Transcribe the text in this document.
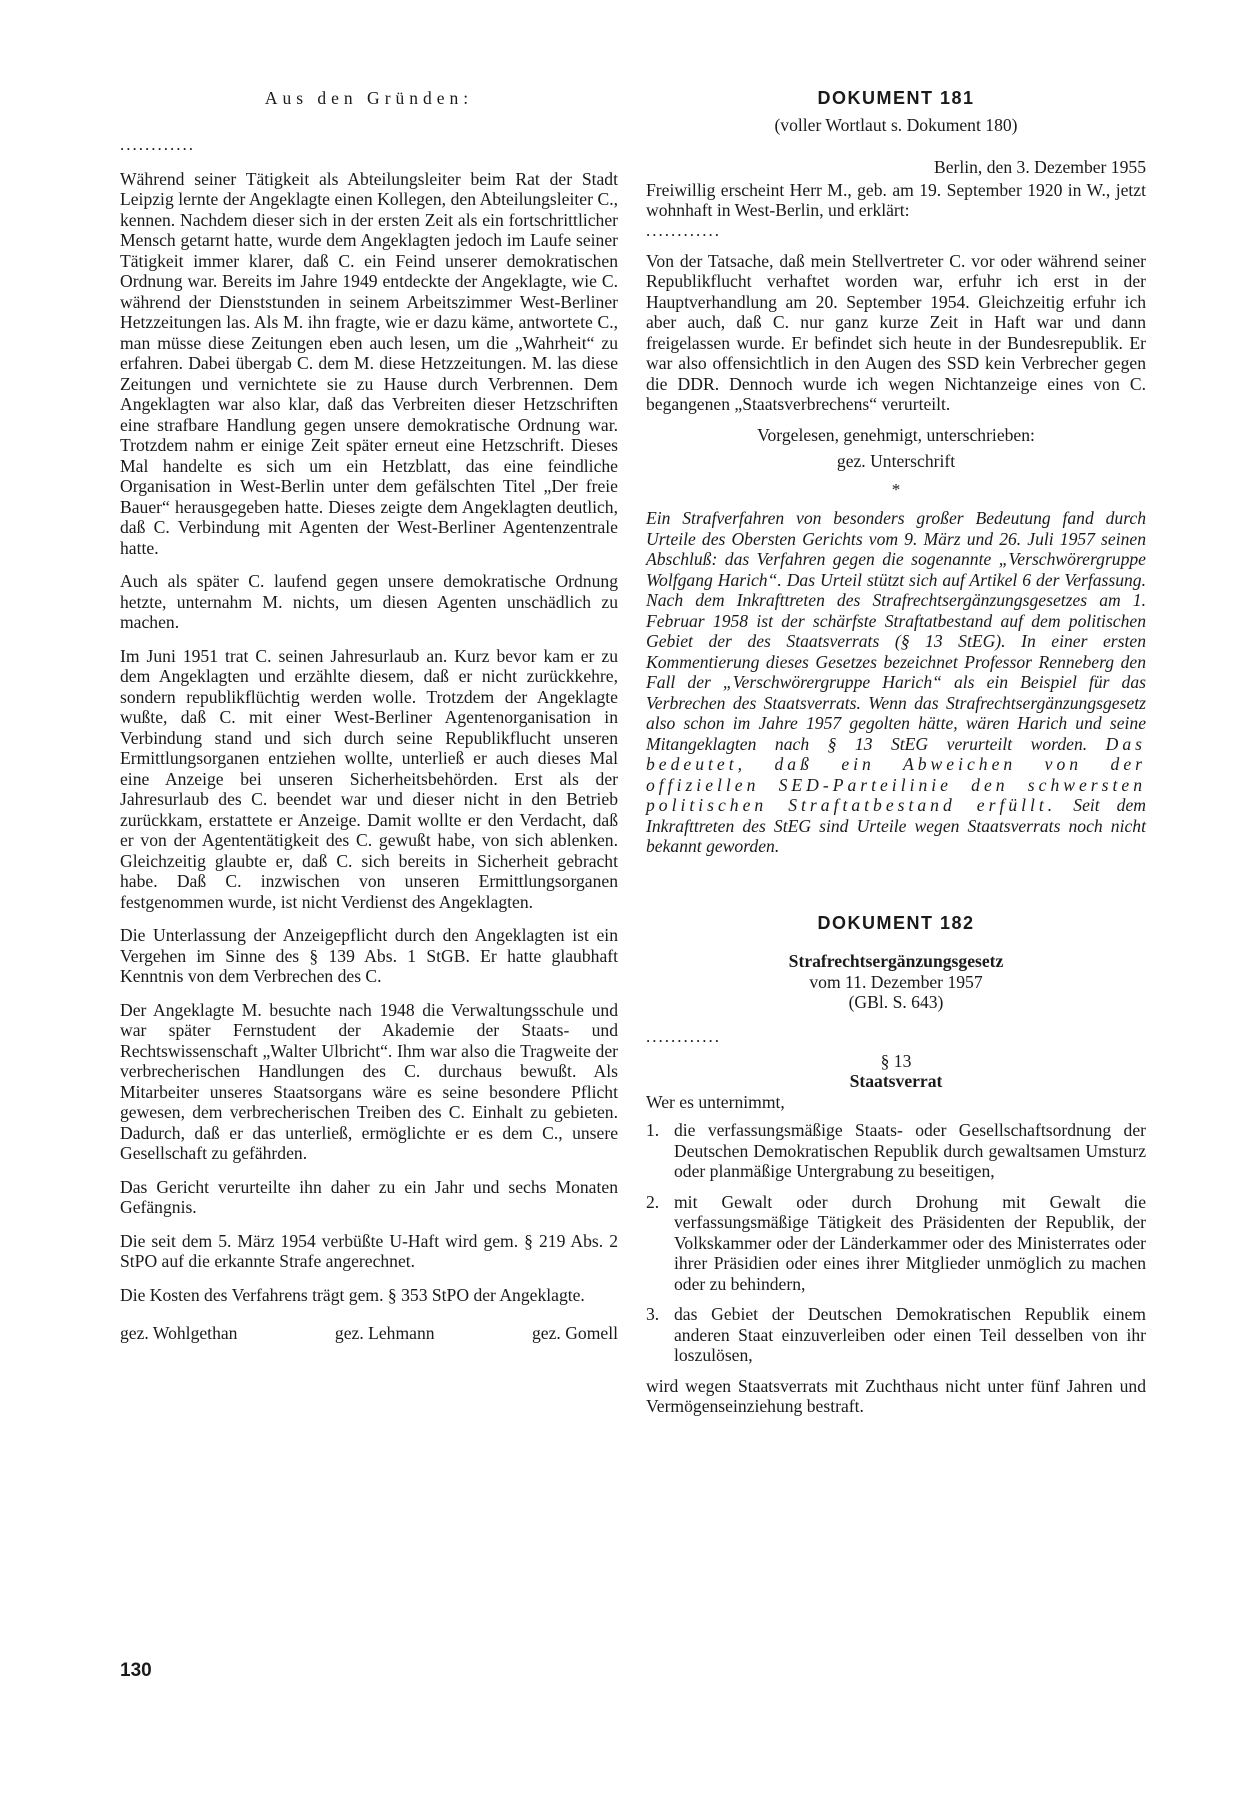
Aus den Gründen:

............

Während seiner Tätigkeit als Abteilungsleiter beim Rat der Stadt Leipzig lernte der Angeklagte einen Kollegen, den Abteilungsleiter C., kennen. Nachdem dieser sich in der ersten Zeit als ein fortschrittlicher Mensch getarnt hatte, wurde dem Angeklagten jedoch im Laufe seiner Tätigkeit immer klarer, daß C. ein Feind unserer demokratischen Ordnung war. Bereits im Jahre 1949 entdeckte der Angeklagte, wie C. während der Dienststunden in seinem Arbeitszimmer West-Berliner Hetzzeitungen las. Als M. ihn fragte, wie er dazu käme, antwortete C., man müsse diese Zeitungen eben auch lesen, um die „Wahrheit“ zu erfahren. Dabei übergab C. dem M. diese Hetzzeitungen. M. las diese Zeitungen und vernichtete sie zu Hause durch Verbrennen. Dem Angeklagten war also klar, daß das Verbreiten dieser Hetzschriften eine strafbare Handlung gegen unsere demokratische Ordnung war. Trotzdem nahm er einige Zeit später erneut eine Hetzschrift. Dieses Mal handelte es sich um ein Hetzblatt, das eine feindliche Organisation in West-Berlin unter dem gefälschten Titel „Der freie Bauer“ herausgegeben hatte. Dieses zeigte dem Angeklagten deutlich, daß C. Verbindung mit Agenten der West-Berliner Agentenzentrale hatte.

Auch als später C. laufend gegen unsere demokratische Ordnung hetzte, unternahm M. nichts, um diesen Agenten unschädlich zu machen.

Im Juni 1951 trat C. seinen Jahresurlaub an. Kurz bevor kam er zu dem Angeklagten und erzählte diesem, daß er nicht zurückkehre, sondern republikflüchtig werden wolle. Trotzdem der Angeklagte wußte, daß C. mit einer West-Berliner Agentenorganisation in Verbindung stand und sich durch seine Republikflucht unseren Ermittlungsorganen entziehen wollte, unterließ er auch dieses Mal eine Anzeige bei unseren Sicherheitsbehörden. Erst als der Jahresurlaub des C. beendet war und dieser nicht in den Betrieb zurückkam, erstattete er Anzeige. Damit wollte er den Verdacht, daß er von der Agententätigkeit des C. gewußt habe, von sich ablenken. Gleichzeitig glaubte er, daß C. sich bereits in Sicherheit gebracht habe. Daß C. inzwischen von unseren Ermittlungsorganen festgenommen wurde, ist nicht Verdienst des Angeklagten.

Die Unterlassung der Anzeigepflicht durch den Angeklagten ist ein Vergehen im Sinne des § 139 Abs. 1 StGB. Er hatte glaubhaft Kenntnis von dem Verbrechen des C.

Der Angeklagte M. besuchte nach 1948 die Verwaltungsschule und war später Fernstudent der Akademie der Staats- und Rechtswissenschaft „Walter Ulbricht“. Ihm war also die Tragweite der verbrecherischen Handlungen des C. durchaus bewußt. Als Mitarbeiter unseres Staatsorgans wäre es seine besondere Pflicht gewesen, dem verbrecherischen Treiben des C. Einhalt zu gebieten. Dadurch, daß er das unterließ, ermöglichte er es dem C., unsere Gesellschaft zu gefährden.

Das Gericht verurteilte ihn daher zu ein Jahr und sechs Monaten Gefängnis.

Die seit dem 5. März 1954 verbüßte U-Haft wird gem. § 219 Abs. 2 StPO auf die erkannte Strafe angerechnet.

Die Kosten des Verfahrens trägt gem. § 353 StPO der Angeklagte.

gez. Wohlgethan	gez. Lehmann	gez. Gomell

DOKUMENT 181

(voller Wortlaut s. Dokument 180)

Berlin, den 3. Dezember 1955

Freiwillig erscheint Herr M., geb. am 19. September 1920 in W., jetzt wohnhaft in West-Berlin, und erklärt:

............

Von der Tatsache, daß mein Stellvertreter C. vor oder während seiner Republikflucht verhaftet worden war, erfuhr ich erst in der Hauptverhandlung am 20. September 1954. Gleichzeitig erfuhr ich aber auch, daß C. nur ganz kurze Zeit in Haft war und dann freigelassen wurde. Er befindet sich heute in der Bundesrepublik. Er war also offensichtlich in den Augen des SSD kein Verbrecher gegen die DDR. Dennoch wurde ich wegen Nichtanzeige eines von C. begangenen „Staatsverbrechens“ verurteilt.

Vorgelesen, genehmigt, unterschrieben:

gez. Unterschrift

*

Ein Strafverfahren von besonders großer Bedeutung fand durch Urteile des Obersten Gerichts vom 9. März und 26. Juli 1957 seinen Abschluß: das Verfahren gegen die sogenannte „Verschwörergruppe Wolfgang Harich“. Das Urteil stützt sich auf Artikel 6 der Verfassung. Nach dem Inkrafttreten des Strafrechtsergänzungsgesetzes am 1. Februar 1958 ist der schärfste Straftatbestand auf dem politischen Gebiet der des Staatsverrats (§ 13 StEG). In einer ersten Kommentierung dieses Gesetzes bezeichnet Professor Renneberg den Fall der „Verschwörergruppe Harich“ als ein Beispiel für das Verbrechen des Staatsverrats. Wenn das Strafrechtsergänzungsgesetz also schon im Jahre 1957 gegolten hätte, wären Harich und seine Mitangeklagten nach § 13 StEG verurteilt worden. Das bedeutet, daß ein Abweichen von der offiziellen SED-Parteilinie den schwersten politischen Straftatbestand erfüllt. Seit dem Inkrafttreten des StEG sind Urteile wegen Staatsverrats noch nicht bekannt geworden.

DOKUMENT 182

Strafrechtsergänzungsgesetz

vom 11. Dezember 1957

(GBl. S. 643)

............

§ 13

Staatsverrat

Wer es unternimmt,

1. die verfassungsmäßige Staats- oder Gesellschaftsordnung der Deutschen Demokratischen Republik durch gewaltsamen Umsturz oder planmäßige Untergrabung zu beseitigen,
2. mit Gewalt oder durch Drohung mit Gewalt die verfassungsmäßige Tätigkeit des Präsidenten der Republik, der Volkskammer oder der Länderkammer oder des Ministerrates oder ihrer Präsidien oder eines ihrer Mitglieder unmöglich zu machen oder zu behindern,
3. das Gebiet der Deutschen Demokratischen Republik einem anderen Staat einzuverleiben oder einen Teil desselben von ihr loszulösen,

wird wegen Staatsverrats mit Zuchthaus nicht unter fünf Jahren und Vermögenseinziehung bestraft.

130
